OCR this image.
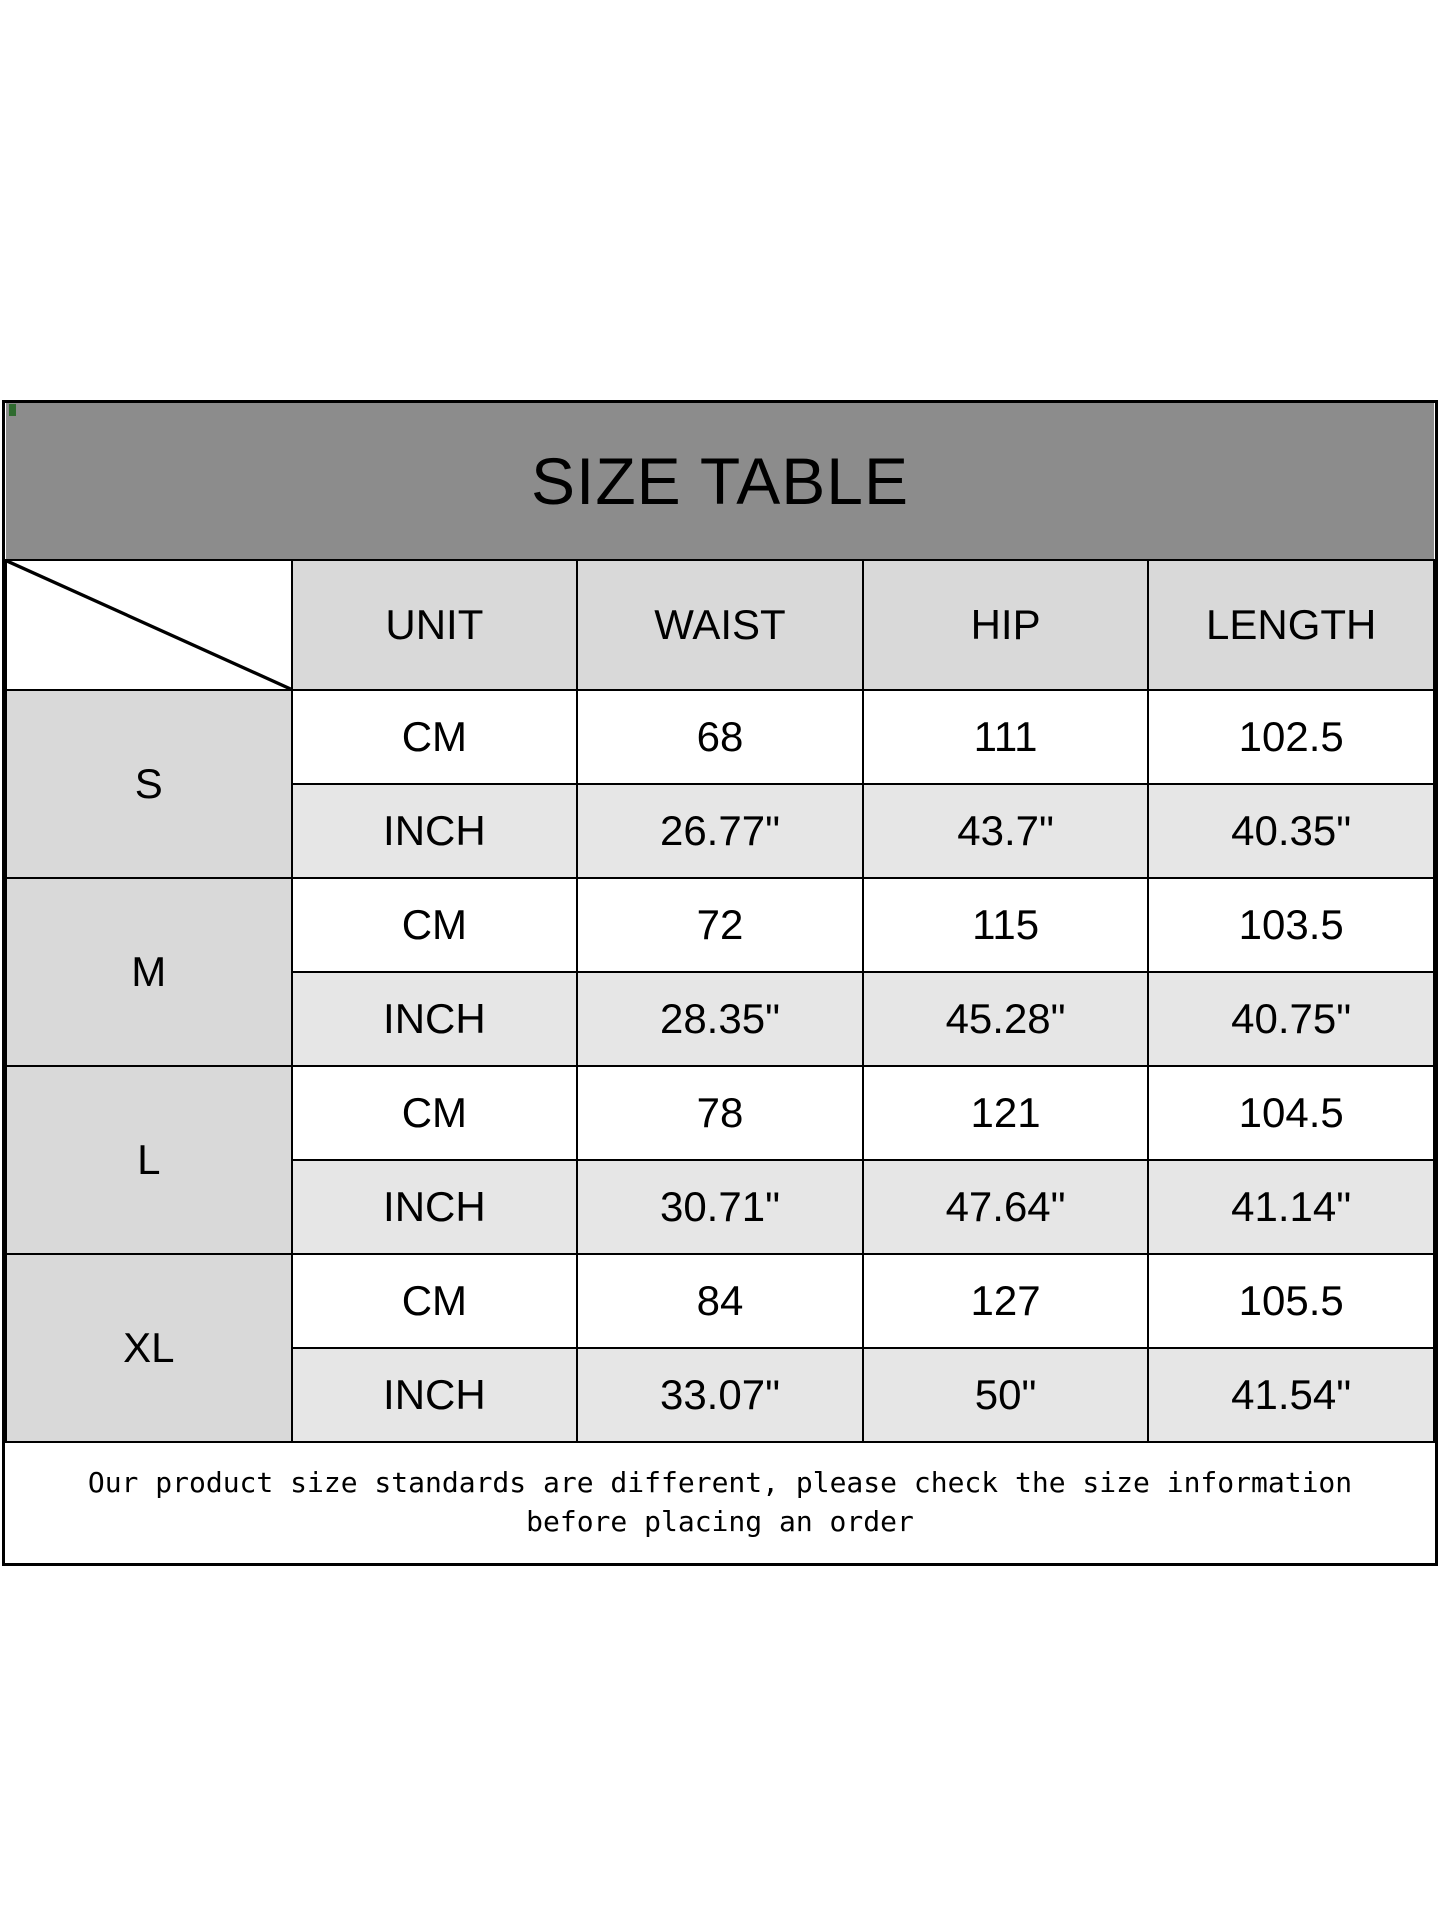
SIZE TABLE				

	UNIT	WAIST	HIP	LENGTH
S	CM	68	111	102.5
	INCH	26.77"	43.7"	40.35"
M	CM	72	115	103.5
	INCH	28.35"	45.28"	40.75"
L	CM	78	121	104.5
	INCH	30.71"	47.64"	41.14"
XL	CM	84	127	105.5
	INCH	33.07"	50"	41.54"

Our product size standards are different, please check the size information
before placing an order				
